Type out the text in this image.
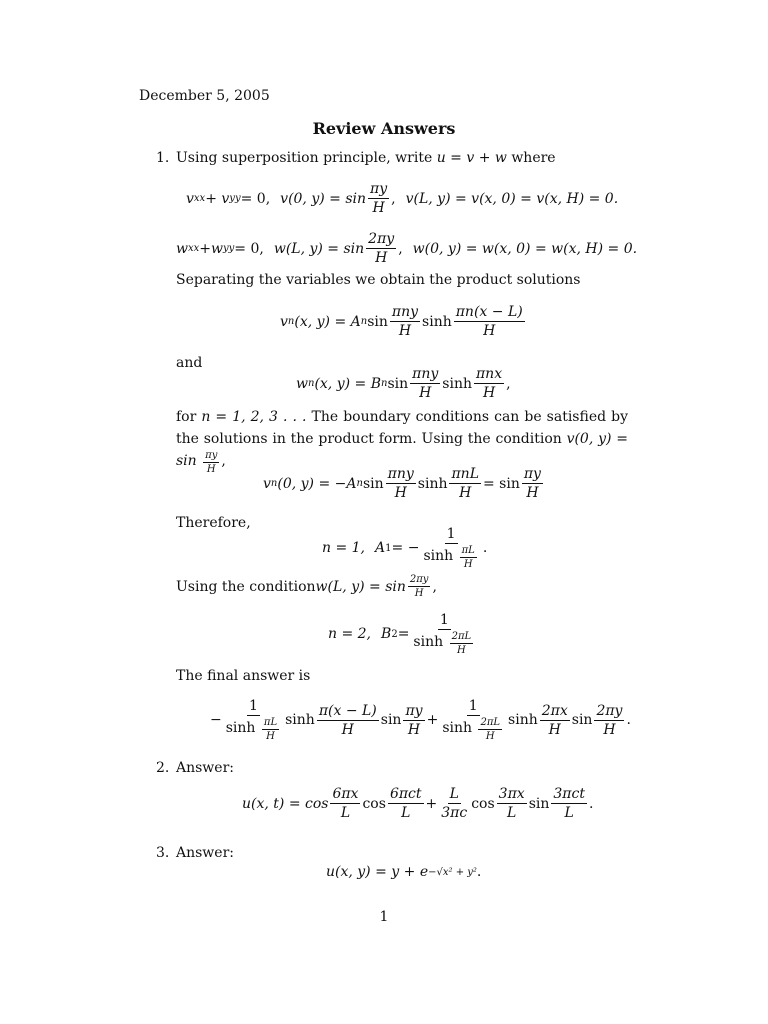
December 5, 2005
Review Answers
1. Using superposition principle, write u = v + w where
v xx + v yy = 0, v(0, $y) = \sin \frac{\pi y}{H}$ , v(L, y) = v(x, 0) = v(x, H) = 0.
w xx +w yy = 0, w(L, $y) = \sin \frac{2\pi y}{H}$ , w(0, y) = w(x, 0) = w(x, H) = 0.
Separating the variables we obtain the product solutions
v n (x, y) = A n $\sin \frac{\text{πny}}{H}$ $\sinh \frac{\pi n(x - L)}{H}$
and
w n (x, y) = B n $\sin \frac{\text{πny}}{H}$ $\sinh \frac{\text{πnx}}{H}$ ,
for n = 1, 2, 3 . . . The boundary conditions can be satisfied by the solutions in the product form. Using the condition v(0, $y) = \sin \frac{\pi y}{H}$ ,
v n (0, y) = −A n $\sin \frac{\text{πny}}{H}$ $\sinh \frac{\text{πnL}}{H} = \sin \frac{\pi y}{H}$
Therefore,
n = 1, A 1 = − $\frac{1}{\sinh \frac{\pi L}{H}}$ .
Using the condition w(L, $y) = \sin \frac{2\pi y}{H}$ ,
n = 2, B $2 = \frac{1}{\sinh \frac{2\pi L}{H}}$
The final answer is
− $\frac{1}{\sinh \frac{\pi L}{H}}$ $\sinh \frac{\pi(x - L)}{H}$ $\sin \frac{\pi y}{H} + \frac{1}{\sinh \frac{2\pi L}{H}}$ $\sinh \frac{2\pi x}{H}$ $\sin \frac{2\pi y}{H}$ .
2. Answer:
u(x, $t) = \cos \frac{6\pi x}{L}$ $\cos \frac{\text{6πct}}{L} + \frac{L}{3\pi c}$ $\cos \frac{3\pi x}{L}$ $\sin \frac{\text{3πct}}{L}$ .
3. Answer:
u(x, y) = y + e −√x² + y² .
1
